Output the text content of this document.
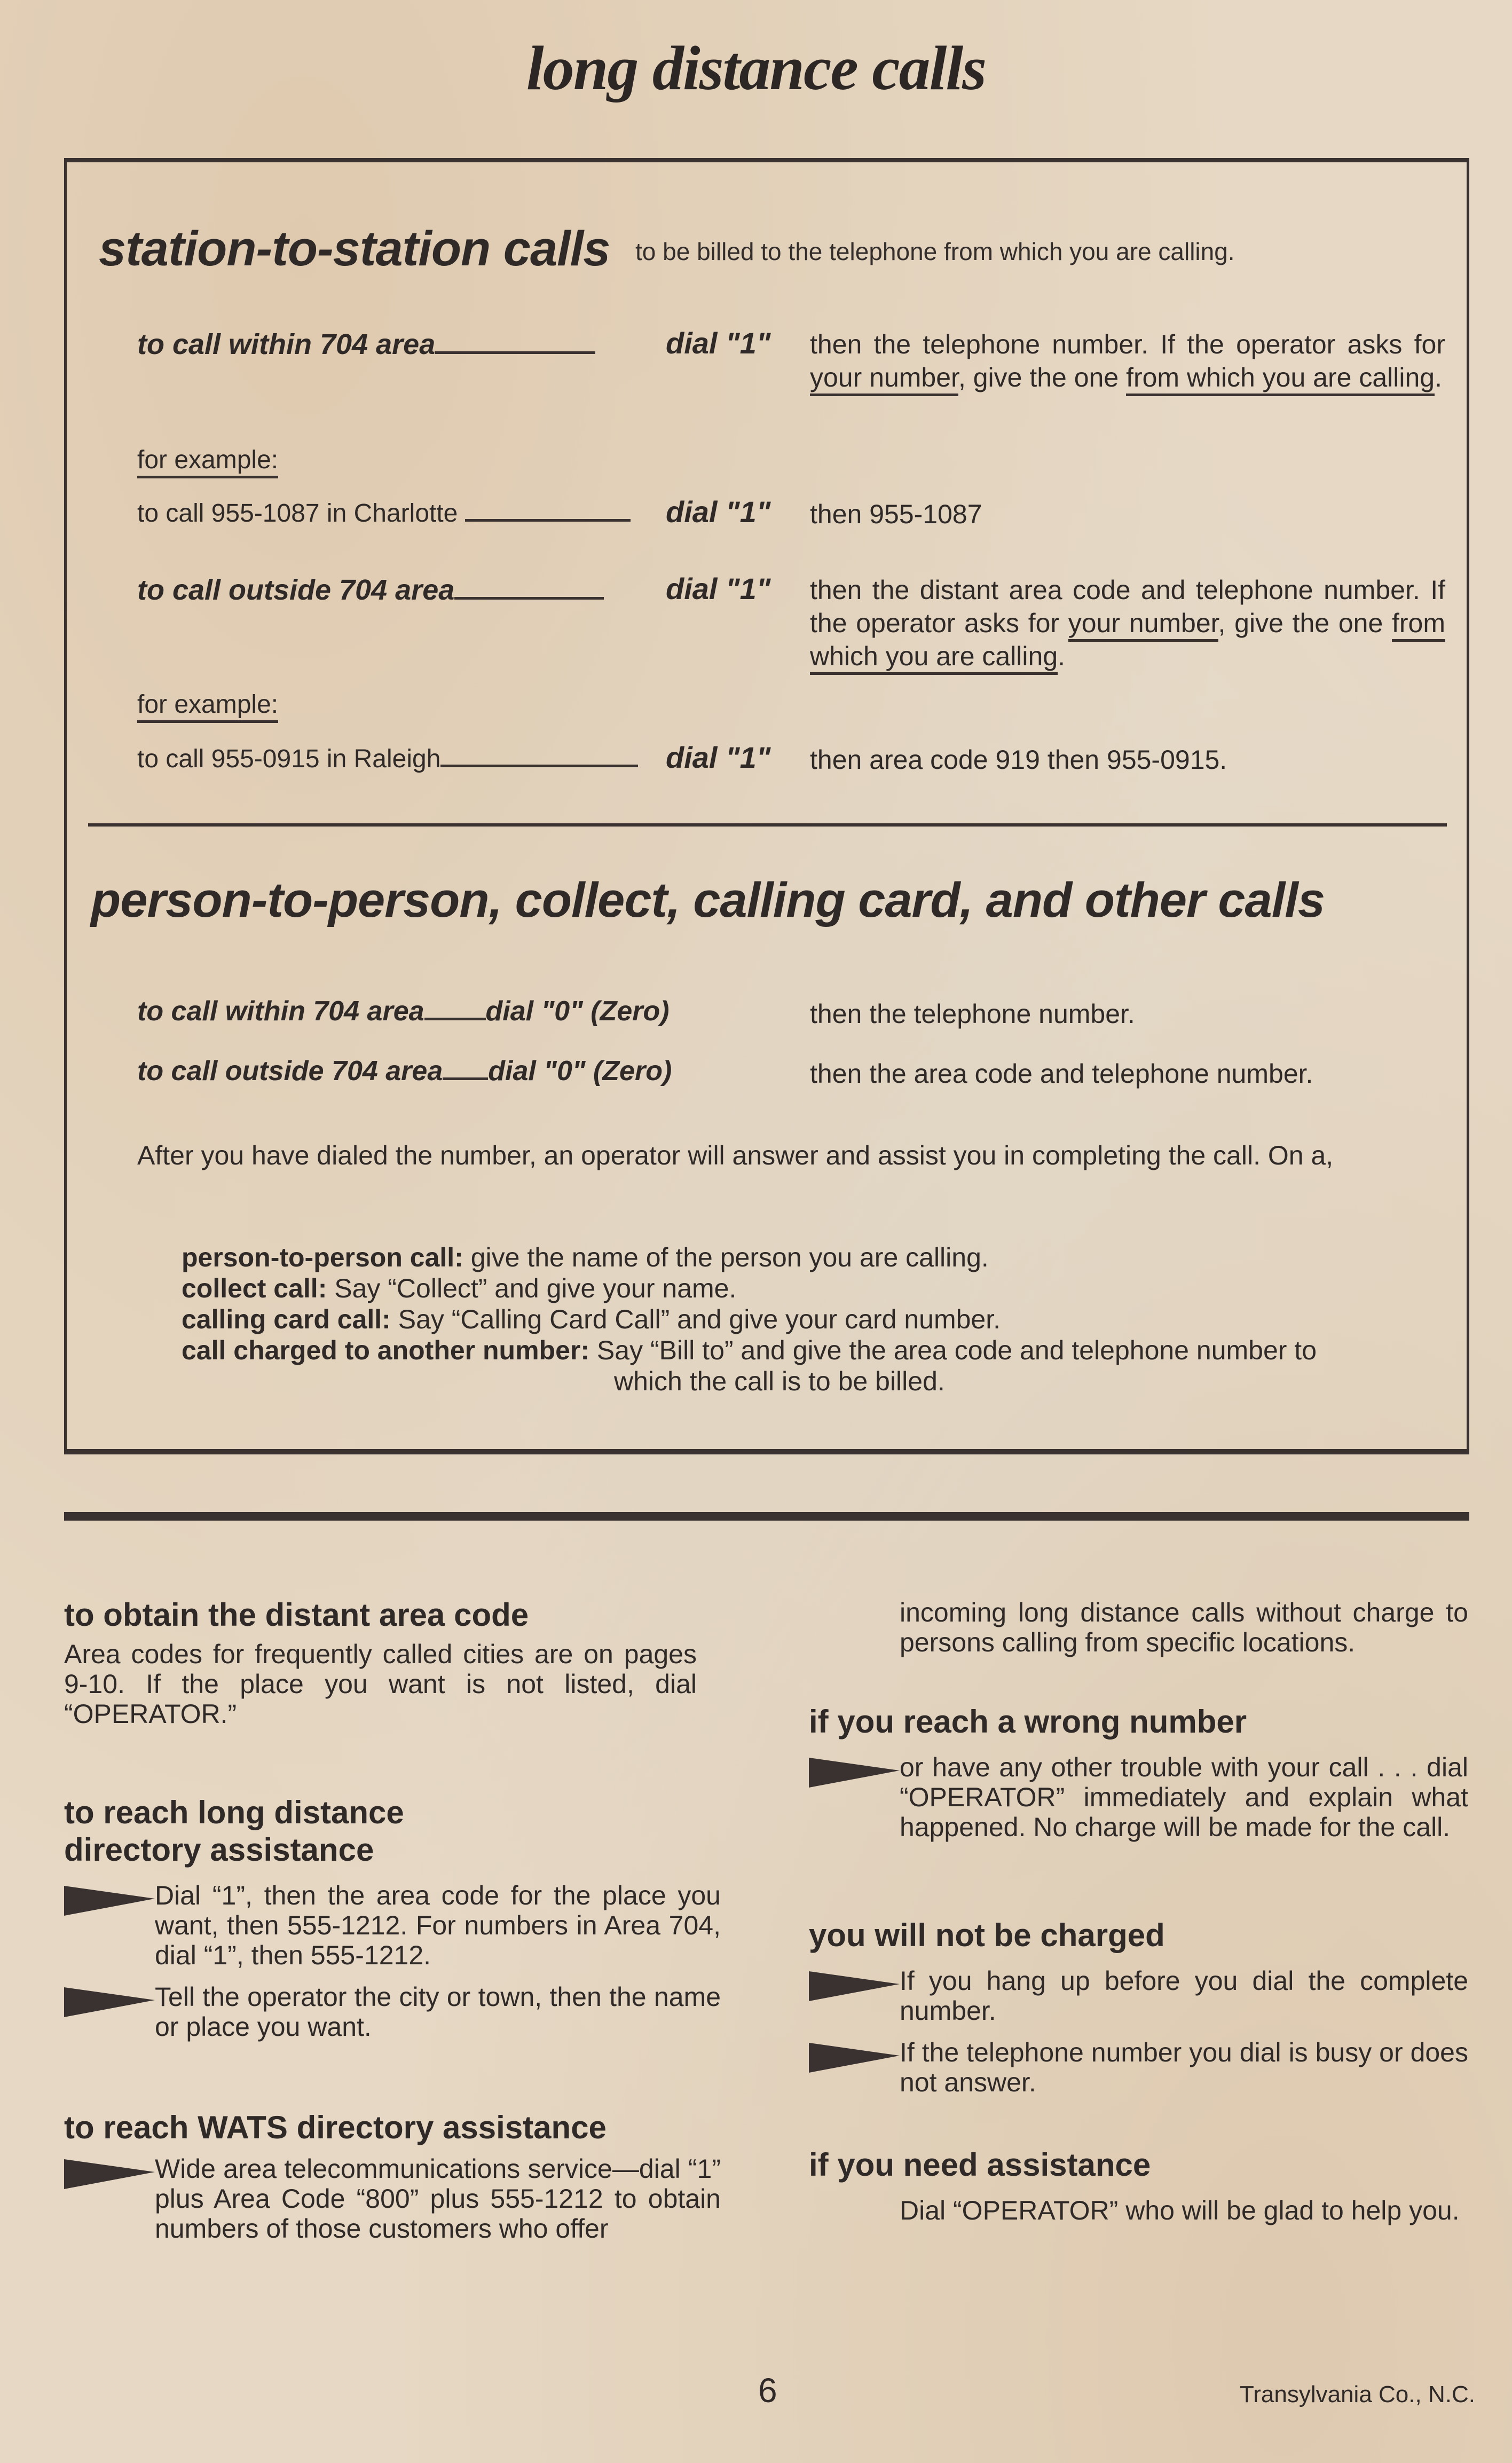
long distance calls
station-to-station calls to be billed to the telephone from which you are calling.
to call within 704 area	dial "1" then the telephone number. If the operator asks for your number, give the one from which you are calling.
for example:
to call 955-1087 in Charlotte	dial "1" then 955-1087
to call outside 704 area	dial "1" then the distant area code and telephone number. If the operator asks for your number, give the one from which you are calling.
for example:
to call 955-0915 in Raleigh	dial "1" then area code 919 then 955-0915.
person-to-person, collect, calling card, and other calls
to call within 704 area dial "0" (Zero)	then the telephone number.
to call outside 704 area dial "0" (Zero)	then the area code and telephone number.
After you have dialed the number, an operator will answer and assist you in completing the call. On a,
person-to-person call: give the name of the person you are calling.
collect call: Say “Collect” and give your name.
calling card call: Say “Calling Card Call” and give your card number.
call charged to another number: Say “Bill to” and give the area code and telephone number to
which the call is to be billed.
to obtain the distant area code
Area codes for frequently called cities are on pages 9-10. If the place you want is not listed, dial “OPERATOR.”
to reach long distance
directory assistance
Dial “1”, then the area code for the place you want, then 555-1212. For numbers in Area 704, dial “1”, then 555-1212.
Tell the operator the city or town, then the name or place you want.
to reach WATS directory assistance
Wide area telecommunications service—dial “1” plus Area Code “800” plus 555-1212 to obtain numbers of those customers who offer
incoming long distance calls without charge to persons calling from specific locations.
if you reach a wrong number
or have any other trouble with your call . . . dial “OPERATOR” immediately and explain what happened. No charge will be made for the call.
you will not be charged
If you hang up before you dial the complete number.
If the telephone number you dial is busy or does not answer.
if you need assistance
Dial “OPERATOR” who will be glad to help you.
6	Transylvania Co., N.C.
